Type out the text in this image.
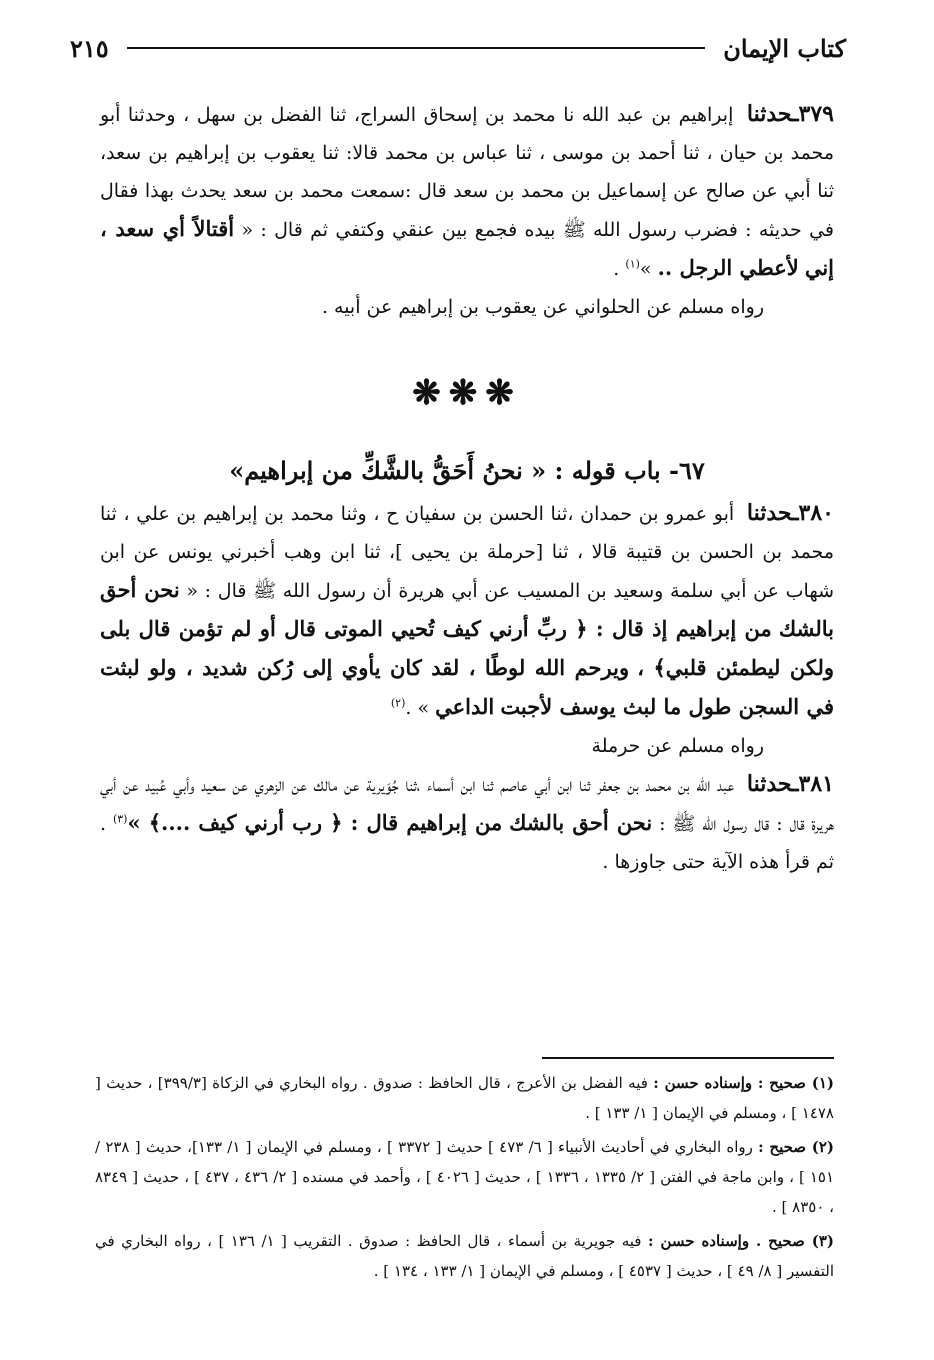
كتاب الإيمان
٢١٥

٣٧٩ـحدثنا إبراهيم بن عبد الله نا محمد بن إسحاق السراج، ثنا الفضل بن سهل ، وحدثنا أبو محمد بن حيان ، ثنا أحمد بن موسى ، ثنا عباس بن محمد قالا: ثنا يعقوب بن إبراهيم بن سعد، ثنا أبي عن صالح عن إسماعيل بن محمد بن سعد قال :سمعت محمد بن سعد يحدث بهذا فقال في حديثه : فضرب رسول الله ﷺ بيده فجمع بين عنقي وكتفي ثم قال : « أقتالاً أي سعد ، إني لأعطي الرجل .. »$^{(١)}$ .

رواه مسلم عن الحلواني عن يعقوب بن إبراهيم عن أبيه .

❋❋❋
٦٧- باب قوله : « نحنُ أَحَقُّ بالشَّكِّ من إبراهيم»

٣٨٠ـحدثنا أبو عمرو بن حمدان ،ثنا الحسن بن سفيان ح ، وثنا محمد بن إبراهيم بن علي ، ثنا محمد بن الحسن بن قتيبة قالا ، ثنا [حرملة بن يحيى ]، ثنا ابن وهب أخبرني يونس عن ابن شهاب عن أبي سلمة وسعيد بن المسيب عن أبي هريرة أن رسول الله ﷺ قال : « نحن أحق بالشك من إبراهيم إذ قال : ﴿ ربِّ أرني كيف تُحيي الموتى قال أو لم تؤمن قال بلى ولكن ليطمئن قلبي﴾ ، ويرحم الله لوطًا ، لقد كان يأوي إلى رُكن شديد ، ولو لبثت في السجن طول ما لبث يوسف لأجبت الداعي » .$^{(٢)}$

رواه مسلم عن حرملة

٣٨١ـحدثنا عبد الله بن محمد بن جعفر ثنا ابن أبي عاصم ثنا ابن أسماء ،ثنا جُوَيرية عن مالك عن الزهري عن سعيد وأبي عُبيد عن أبي هريرة قال : قال رسول الله ﷺ : نحن أحق بالشك من إبراهيم قال : ﴿ رب أرني كيف ....﴾ »$^{(٣)}$ . ثم قرأ هذه الآية حتى جاوزها .

(١) صحيح : وإسناده حسن : فيه الفضل بن الأعرج ، قال الحافظ : صدوق . رواه البخاري في الزكاة [٣٩٩/٣] ، حديث [ ١٤٧٨ ] ، ومسلم في الإيمان [ ١/ ١٣٣ ] .

(٢) صحيح : رواه البخاري في أحاديث الأنبياء [ ٦/ ٤٧٣ ] حديث [ ٣٣٧٢ ] ، ومسلم في الإيمان [ ١/ ١٣٣]، حديث [ ٢٣٨ / ١٥١ ] ، وابن ماجة في الفتن [ ٢/ ١٣٣٥ ، ١٣٣٦ ] ، حديث [ ٤٠٢٦ ] ، وأحمد في مسنده [ ٢/ ٤٣٦ ، ٤٣٧ ] ، حديث [ ٨٣٤٩ ، ٨٣٥٠ ] .

(٣) صحيح . وإسناده حسن : فيه جويرية بن أسماء ، قال الحافظ : صدوق . التقريب [ ١/ ١٣٦ ] ، رواه البخاري في التفسير [ ٨/ ٤٩ ] ، حديث [ ٤٥٣٧ ] ، ومسلم في الإيمان [ ١/ ١٣٣ ، ١٣٤ ] .
